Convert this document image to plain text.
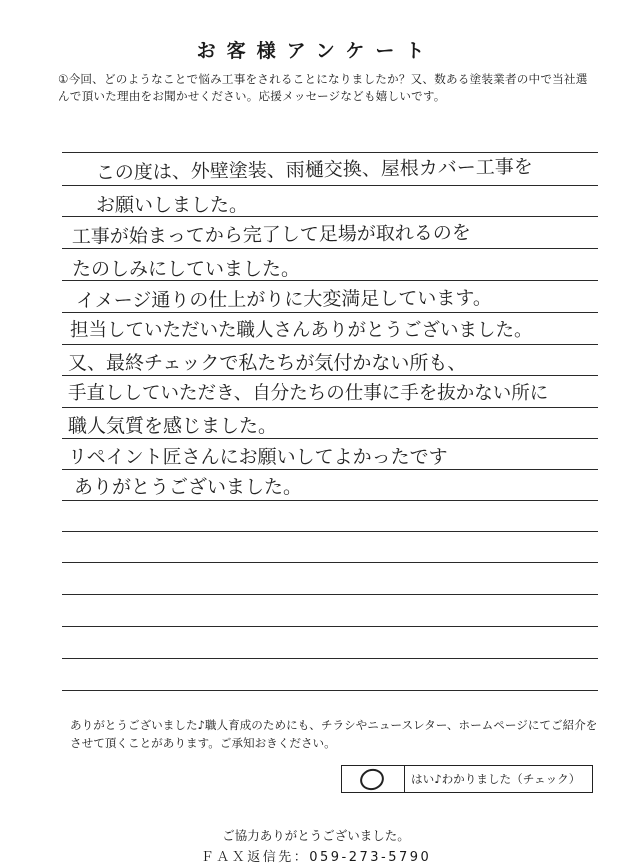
お客様アンケート
①今回、どのようなことで悩み工事をされることになりましたか？又、数ある塗装業者の中で当社選んで頂いた理由をお聞かせください。応援メッセージなども嬉しいです。
この度は、外壁塗装、雨樋交換、屋根カバー工事を
お願いしました。
工事が始まってから完了して足場が取れるのを
たのしみにしていました。
イメージ通りの仕上がりに大変満足しています。
担当していただいた職人さんありがとうございました。
又、最終チェックで私たちが気付かない所も、
手直ししていただき、自分たちの仕事に手を抜かない所に
職人気質を感じました。
リペイント匠さんにお願いしてよかったです
ありがとうございました。
ありがとうございました♪職人育成のためにも、チラシやニュースレター、ホームページにてご紹介をさせて頂くことがあります。ご承知おきください。
はい♪わかりました（チェック）
ご協力ありがとうございました。
ＦＡＸ返信先：059-273-5790
